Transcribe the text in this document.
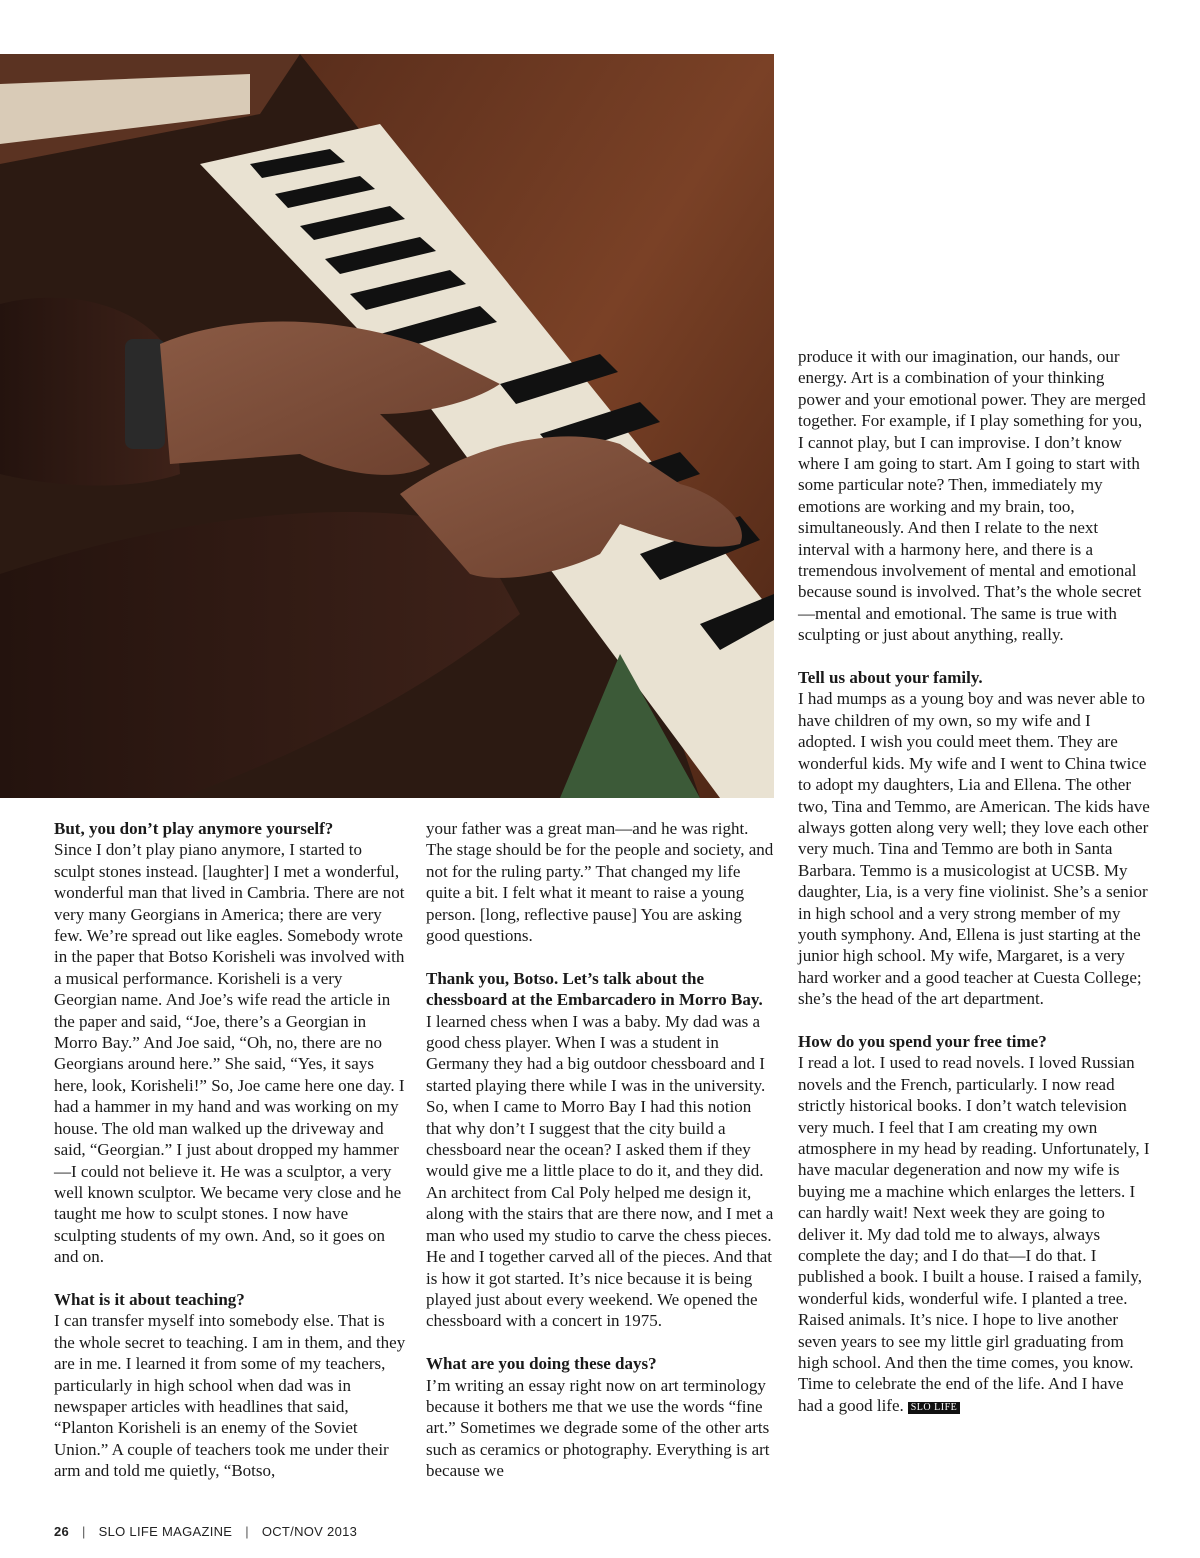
But, you don’t play anymore yourself?
Since I don’t play piano anymore, I started to sculpt stones instead. [laughter] I met a wonderful, wonderful man that lived in Cambria. There are not very many Georgians in America; there are very few. We’re spread out like eagles. Somebody wrote in the paper that Botso Korisheli was involved with a musical performance. Korisheli is a very Georgian name. And Joe’s wife read the article in the paper and said, “Joe, there’s a Georgian in Morro Bay.” And Joe said, “Oh, no, there are no Georgians around here.” She said, “Yes, it says here, look, Korisheli!” So, Joe came here one day. I had a hammer in my hand and was working on my house. The old man walked up the driveway and said, “Georgian.” I just about dropped my hammer—I could not believe it. He was a sculptor, a very well known sculptor. We became very close and he taught me how to sculpt stones. I now have sculpting students of my own. And, so it goes on and on.
What is it about teaching?
I can transfer myself into somebody else. That is the whole secret to teaching. I am in them, and they are in me. I learned it from some of my teachers, particularly in high school when dad was in newspaper articles with headlines that said, “Planton Korisheli is an enemy of the Soviet Union.” A couple of teachers took me under their arm and told me quietly, “Botso,
your father was a great man—and he was right. The stage should be for the people and society, and not for the ruling party.” That changed my life quite a bit. I felt what it meant to raise a young person. [long, reflective pause] You are asking good questions.
Thank you, Botso. Let’s talk about the chessboard at the Embarcadero in Morro Bay.
I learned chess when I was a baby. My dad was a good chess player. When I was a student in Germany they had a big outdoor chessboard and I started playing there while I was in the university. So, when I came to Morro Bay I had this notion that why don’t I suggest that the city build a chessboard near the ocean? I asked them if they would give me a little place to do it, and they did. An architect from Cal Poly helped me design it, along with the stairs that are there now, and I met a man who used my studio to carve the chess pieces. He and I together carved all of the pieces. And that is how it got started. It’s nice because it is being played just about every weekend. We opened the chessboard with a concert in 1975.
What are you doing these days?
I’m writing an essay right now on art terminology because it bothers me that we use the words “fine art.” Sometimes we degrade some of the other arts such as ceramics or photography. Everything is art because we
produce it with our imagination, our hands, our energy. Art is a combination of your thinking power and your emotional power. They are merged together. For example, if I play something for you, I cannot play, but I can improvise. I don’t know where I am going to start. Am I going to start with some particular note? Then, immediately my emotions are working and my brain, too, simultaneously. And then I relate to the next interval with a harmony here, and there is a tremendous involvement of mental and emotional because sound is involved. That’s the whole secret—mental and emotional. The same is true with sculpting or just about anything, really.
Tell us about your family.
I had mumps as a young boy and was never able to have children of my own, so my wife and I adopted. I wish you could meet them. They are wonderful kids. My wife and I went to China twice to adopt my daughters, Lia and Ellena. The other two, Tina and Temmo, are American. The kids have always gotten along very well; they love each other very much. Tina and Temmo are both in Santa Barbara. Temmo is a musicologist at UCSB. My daughter, Lia, is a very fine violinist. She’s a senior in high school and a very strong member of my youth symphony. And, Ellena is just starting at the junior high school. My wife, Margaret, is a very hard worker and a good teacher at Cuesta College; she’s the head of the art department.
How do you spend your free time?
I read a lot. I used to read novels. I loved Russian novels and the French, particularly. I now read strictly historical books. I don’t watch television very much. I feel that I am creating my own atmosphere in my head by reading. Unfortunately, I have macular degeneration and now my wife is buying me a machine which enlarges the letters. I can hardly wait! Next week they are going to deliver it. My dad told me to always, always complete the day; and I do that—I do that. I published a book. I built a house. I raised a family, wonderful kids, wonderful wife. I planted a tree. Raised animals. It’s nice. I hope to live another seven years to see my little girl graduating from high school. And then the time comes, you know. Time to celebrate the end of the life. And I have had a good life. SLO LIFE
26 | SLO LIFE MAGAZINE | OCT/NOV 2013
